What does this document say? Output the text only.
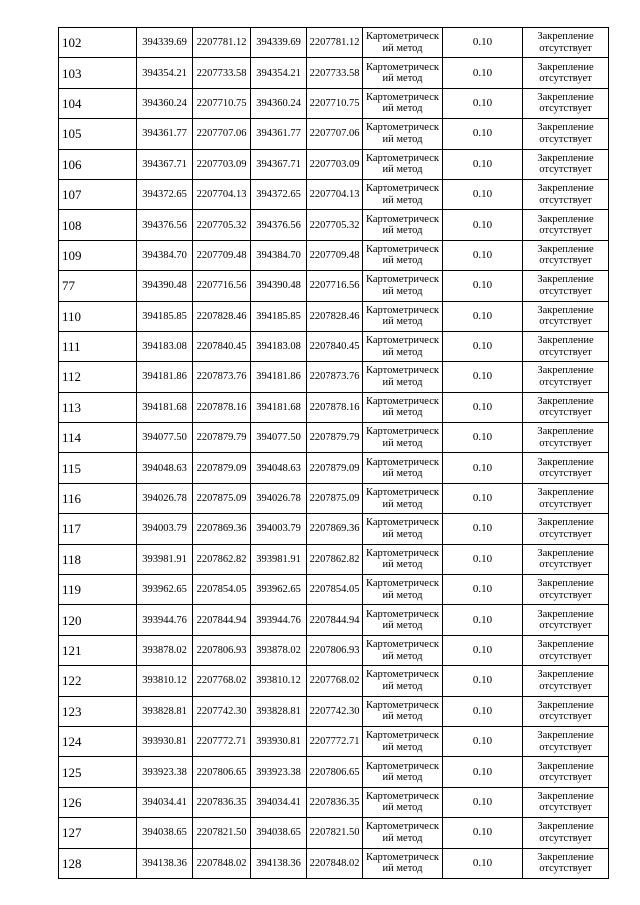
102	394339.69	2207781.12	394339.69	2207781.12	Картометрическ
ий метод	0.10	Закрепление
отсутствует

103	394354.21	2207733.58	394354.21	2207733.58	Картометрическ
ий метод	0.10	Закрепление
отсутствует

104	394360.24	2207710.75	394360.24	2207710.75	Картометрическ
ий метод	0.10	Закрепление
отсутствует

105	394361.77	2207707.06	394361.77	2207707.06	Картометрическ
ий метод	0.10	Закрепление
отсутствует

106	394367.71	2207703.09	394367.71	2207703.09	Картометрическ
ий метод	0.10	Закрепление
отсутствует

107	394372.65	2207704.13	394372.65	2207704.13	Картометрическ
ий метод	0.10	Закрепление
отсутствует

108	394376.56	2207705.32	394376.56	2207705.32	Картометрическ
ий метод	0.10	Закрепление
отсутствует

109	394384.70	2207709.48	394384.70	2207709.48	Картометрическ
ий метод	0.10	Закрепление
отсутствует

77	394390.48	2207716.56	394390.48	2207716.56	Картометрическ
ий метод	0.10	Закрепление
отсутствует

110	394185.85	2207828.46	394185.85	2207828.46	Картометрическ
ий метод	0.10	Закрепление
отсутствует

111	394183.08	2207840.45	394183.08	2207840.45	Картометрическ
ий метод	0.10	Закрепление
отсутствует

112	394181.86	2207873.76	394181.86	2207873.76	Картометрическ
ий метод	0.10	Закрепление
отсутствует

113	394181.68	2207878.16	394181.68	2207878.16	Картометрическ
ий метод	0.10	Закрепление
отсутствует

114	394077.50	2207879.79	394077.50	2207879.79	Картометрическ
ий метод	0.10	Закрепление
отсутствует

115	394048.63	2207879.09	394048.63	2207879.09	Картометрическ
ий метод	0.10	Закрепление
отсутствует

116	394026.78	2207875.09	394026.78	2207875.09	Картометрическ
ий метод	0.10	Закрепление
отсутствует

117	394003.79	2207869.36	394003.79	2207869.36	Картометрическ
ий метод	0.10	Закрепление
отсутствует

118	393981.91	2207862.82	393981.91	2207862.82	Картометрическ
ий метод	0.10	Закрепление
отсутствует

119	393962.65	2207854.05	393962.65	2207854.05	Картометрическ
ий метод	0.10	Закрепление
отсутствует

120	393944.76	2207844.94	393944.76	2207844.94	Картометрическ
ий метод	0.10	Закрепление
отсутствует

121	393878.02	2207806.93	393878.02	2207806.93	Картометрическ
ий метод	0.10	Закрепление
отсутствует

122	393810.12	2207768.02	393810.12	2207768.02	Картометрическ
ий метод	0.10	Закрепление
отсутствует

123	393828.81	2207742.30	393828.81	2207742.30	Картометрическ
ий метод	0.10	Закрепление
отсутствует

124	393930.81	2207772.71	393930.81	2207772.71	Картометрическ
ий метод	0.10	Закрепление
отсутствует

125	393923.38	2207806.65	393923.38	2207806.65	Картометрическ
ий метод	0.10	Закрепление
отсутствует

126	394034.41	2207836.35	394034.41	2207836.35	Картометрическ
ий метод	0.10	Закрепление
отсутствует

127	394038.65	2207821.50	394038.65	2207821.50	Картометрическ
ий метод	0.10	Закрепление
отсутствует

128	394138.36	2207848.02	394138.36	2207848.02	Картометрическ
ий метод	0.10	Закрепление
отсутствует
